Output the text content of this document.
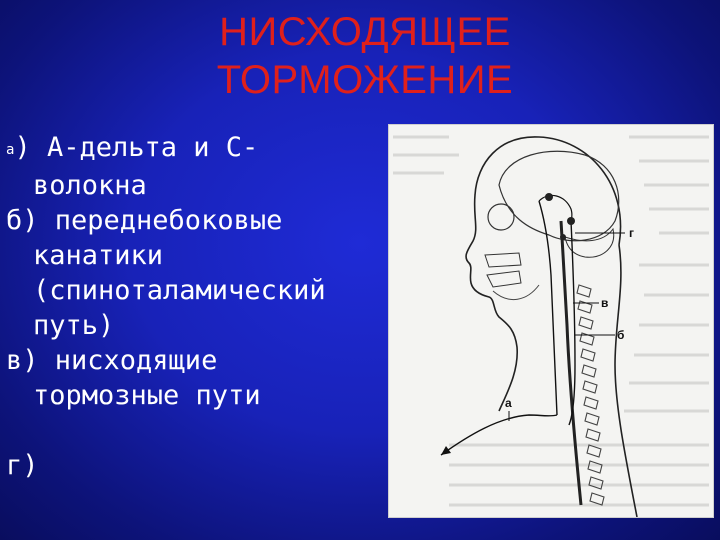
НИСХОДЯЩЕЕ
ТОРМОЖЕНИЕ
а) А-дельта и С-
волокна
б) переднебоковые
канатики
(спиноталамический
путь)
в) нисходящие
тормозные пути
г)
г
в
б
а
